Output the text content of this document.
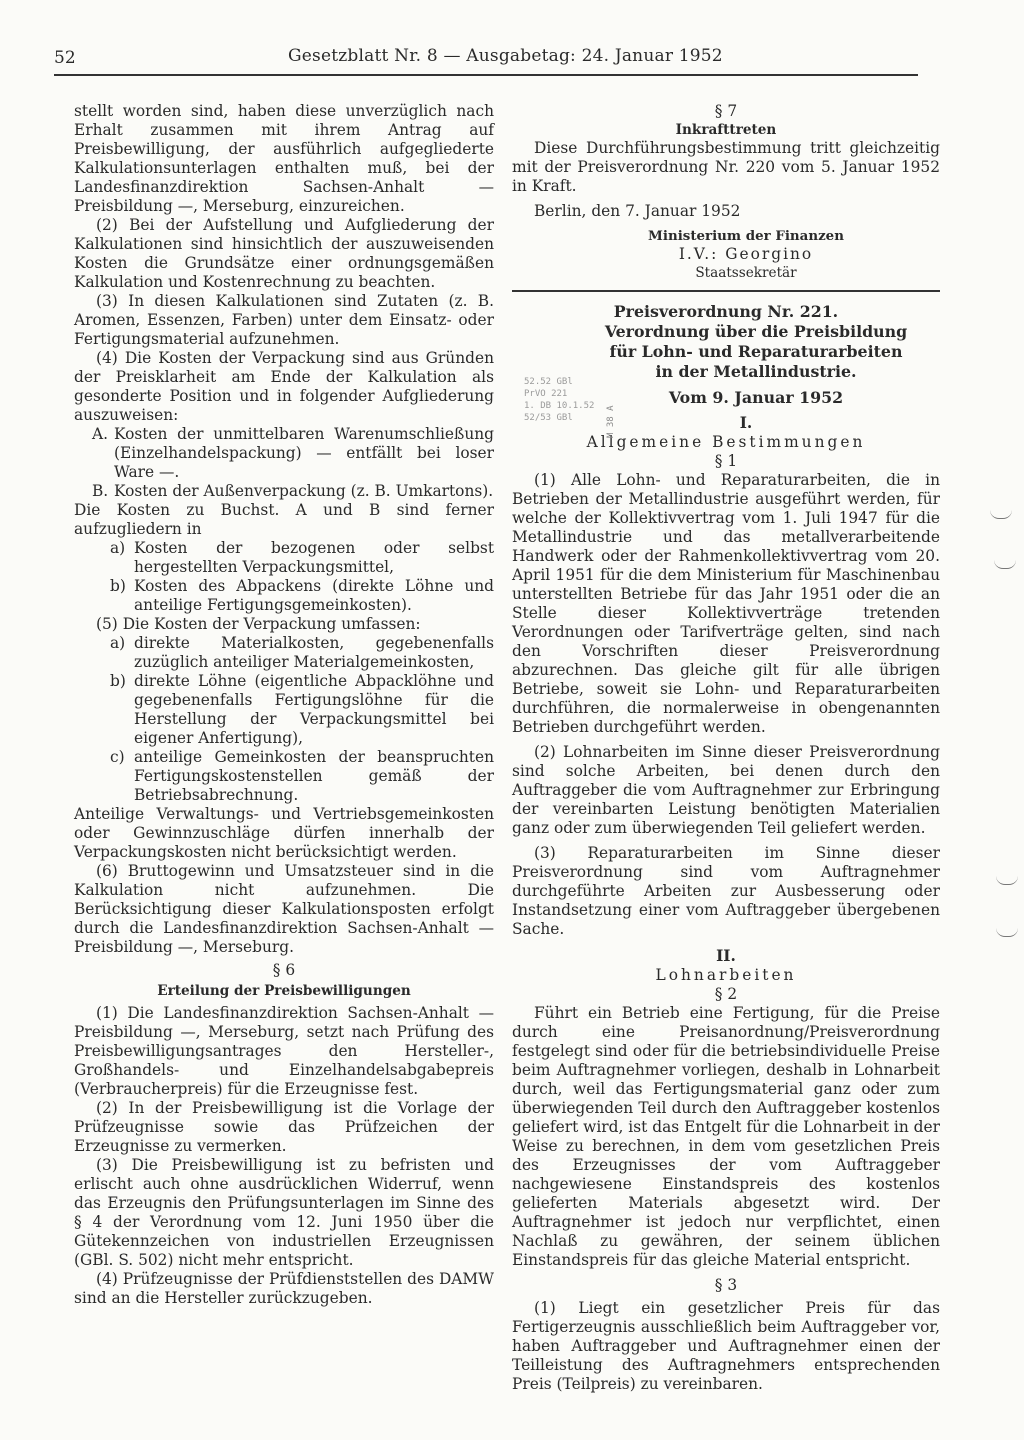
52	Gesetzblatt Nr. 8 — Ausgabetag: 24. Januar 1952

stellt worden sind, haben diese unverzüglich nach Erhalt zusammen mit ihrem Antrag auf Preisbewilligung, der ausführlich aufgegliederte Kalkulationsunterlagen enthalten muß, bei der Landesfinanzdirektion Sachsen-Anhalt — Preisbildung —, Merseburg, einzureichen.

(2) Bei der Aufstellung und Aufgliederung der Kalkulationen sind hinsichtlich der auszuweisenden Kosten die Grundsätze einer ordnungsgemäßen Kalkulation und Kostenrechnung zu beachten.

(3) In diesen Kalkulationen sind Zutaten (z. B. Aromen, Essenzen, Farben) unter dem Einsatz- oder Fertigungsmaterial aufzunehmen.

(4) Die Kosten der Verpackung sind aus Gründen der Preisklarheit am Ende der Kalkulation als gesonderte Position und in folgender Aufgliederung auszuweisen:

A. Kosten der unmittelbaren Warenumschließung (Einzelhandelspackung) — entfällt bei loser Ware —.
B. Kosten der Außenverpackung (z. B. Umkartons).

Die Kosten zu Buchst. A und B sind ferner aufzugliedern in

a) Kosten der bezogenen oder selbst hergestellten Verpackungsmittel,
b) Kosten des Abpackens (direkte Löhne und anteilige Fertigungsgemeinkosten).

(5) Die Kosten der Verpackung umfassen:

a) direkte Materialkosten, gegebenenfalls zuzüglich anteiliger Materialgemeinkosten,
b) direkte Löhne (eigentliche Abpacklöhne und gegebenenfalls Fertigungslöhne für die Herstellung der Verpackungsmittel bei eigener Anfertigung),
c) anteilige Gemeinkosten der beanspruchten Fertigungskostenstellen gemäß der Betriebsabrechnung.

Anteilige Verwaltungs- und Vertriebsgemeinkosten oder Gewinnzuschläge dürfen innerhalb der Verpackungskosten nicht berücksichtigt werden.

(6) Bruttogewinn und Umsatzsteuer sind in die Kalkulation nicht aufzunehmen. Die Berücksichtigung dieser Kalkulationsposten erfolgt durch die Landesfinanzdirektion Sachsen-Anhalt — Preisbildung —, Merseburg.

§ 6
Erteilung der Preisbewilligungen

(1) Die Landesfinanzdirektion Sachsen-Anhalt — Preisbildung —, Merseburg, setzt nach Prüfung des Preisbewilligungsantrages den Hersteller-, Großhandels- und Einzelhandelsabgabepreis (Verbraucherpreis) für die Erzeugnisse fest.

(2) In der Preisbewilligung ist die Vorlage der Prüfzeugnisse sowie das Prüfzeichen der Erzeugnisse zu vermerken.

(3) Die Preisbewilligung ist zu befristen und erlischt auch ohne ausdrücklichen Widerruf, wenn das Erzeugnis den Prüfungsunterlagen im Sinne des § 4 der Verordnung vom 12. Juni 1950 über die Gütekennzeichen von industriellen Erzeugnissen (GBl. S. 502) nicht mehr entspricht.

(4) Prüfzeugnisse der Prüfdienststellen des DAMW sind an die Hersteller zurückzugeben.

§ 7
Inkrafttreten

Diese Durchführungsbestimmung tritt gleichzeitig mit der Preisverordnung Nr. 220 vom 5. Januar 1952 in Kraft.

Berlin, den 7. Januar 1952

Ministerium der Finanzen
I.V.: Georgino
Staatssekretär
Preisverordnung Nr. 221.
Verordnung über die Preisbildung
für Lohn- und Reparaturarbeiten
in der Metallindustrie.
Vom 9. Januar 1952
I.
Allgemeine Bestimmungen
§ 1

(1) Alle Lohn- und Reparaturarbeiten, die in Betrieben der Metallindustrie ausgeführt werden, für welche der Kollektivvertrag vom 1. Juli 1947 für die Metallindustrie und das metallverarbeitende Handwerk oder der Rahmenkollektivvertrag vom 20. April 1951 für die dem Ministerium für Maschinenbau unterstellten Betriebe für das Jahr 1951 oder die an Stelle dieser Kollektivverträge tretenden Verordnungen oder Tarifverträge gelten, sind nach den Vorschriften dieser Preisverordnung abzurechnen. Das gleiche gilt für alle übrigen Betriebe, soweit sie Lohn- und Reparaturarbeiten durchführen, die normalerweise in obengenannten Betrieben durchgeführt werden.

(2) Lohnarbeiten im Sinne dieser Preisverordnung sind solche Arbeiten, bei denen durch den Auftraggeber die vom Auftragnehmer zur Erbringung der vereinbarten Leistung benötigten Materialien ganz oder zum überwiegenden Teil geliefert werden.

(3) Reparaturarbeiten im Sinne dieser Preisverordnung sind vom Auftragnehmer durchgeführte Arbeiten zur Ausbesserung oder Instandsetzung einer vom Auftraggeber übergebenen Sache.

II.
Lohnarbeiten
§ 2

Führt ein Betrieb eine Fertigung, für die Preise durch eine Preisanordnung/Preisverordnung festgelegt sind oder für die betriebsindividuelle Preise beim Auftragnehmer vorliegen, deshalb in Lohnarbeit durch, weil das Fertigungsmaterial ganz oder zum überwiegenden Teil durch den Auftraggeber kostenlos geliefert wird, ist das Entgelt für die Lohnarbeit in der Weise zu berechnen, in dem vom gesetzlichen Preis des Erzeugnisses der vom Auftraggeber nachgewiesene Einstandspreis des kostenlos gelieferten Materials abgesetzt wird. Der Auftragnehmer ist jedoch nur verpflichtet, einen Nachlaß zu gewähren, der seinem üblichen Einstandspreis für das gleiche Material entspricht.

§ 3

(1) Liegt ein gesetzlicher Preis für das Fertigerzeugnis ausschließlich beim Auftraggeber vor, haben Auftraggeber und Auftragnehmer einen der Teilleistung des Auftragnehmers entsprechenden Preis (Teilpreis) zu vereinbaren.

52.52 GBl
PrVO 221
1. DB 10.1.52
52/53 GBl	M 38 A
